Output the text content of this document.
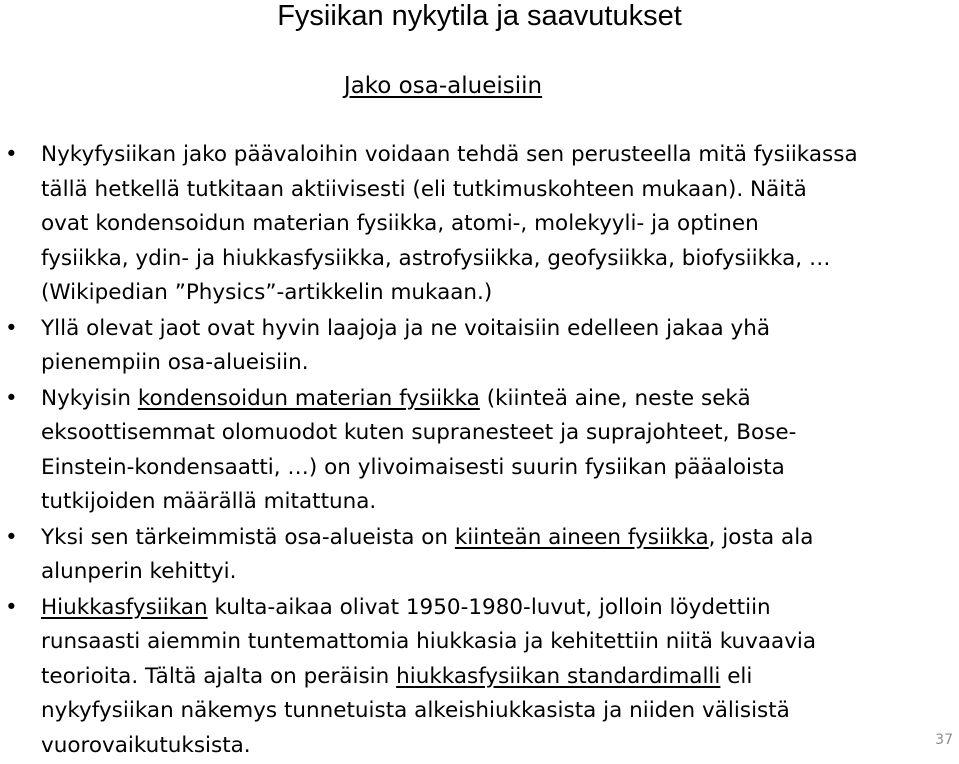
Fysiikan nykytila ja saavutukset
Jako osa-alueisiin
• Nykyfysiikan jako päävaloihin voidaan tehdä sen perusteella mitä fysiikassa
tällä hetkellä tutkitaan aktiivisesti (eli tutkimuskohteen mukaan). Näitä
ovat kondensoidun materian fysiikka, atomi-, molekyyli- ja optinen
fysiikka, ydin- ja hiukkasfysiikka, astrofysiikka, geofysiikka, biofysiikka, …
(Wikipedian ”Physics”-artikkelin mukaan.)
• Yllä olevat jaot ovat hyvin laajoja ja ne voitaisiin edelleen jakaa yhä
pienempiin osa-alueisiin.
• Nykyisin kondensoidun materian fysiikka (kiinteä aine, neste sekä
eksoottisemmat olomuodot kuten supranesteet ja suprajohteet, Bose-
Einstein-kondensaatti, …) on ylivoimaisesti suurin fysiikan pääaloista
tutkijoiden määrällä mitattuna.
• Yksi sen tärkeimmistä osa-alueista on kiinteän aineen fysiikka, josta ala
alunperin kehittyi.
• Hiukkasfysiikan kulta-aikaa olivat 1950-1980-luvut, jolloin löydettiin
runsaasti aiemmin tuntemattomia hiukkasia ja kehitettiin niitä kuvaavia
teorioita. Tältä ajalta on peräisin hiukkasfysiikan standardimalli eli
nykyfysiikan näkemys tunnetuista alkeishiukkasista ja niiden välisistä
vuorovaikutuksista.	37
